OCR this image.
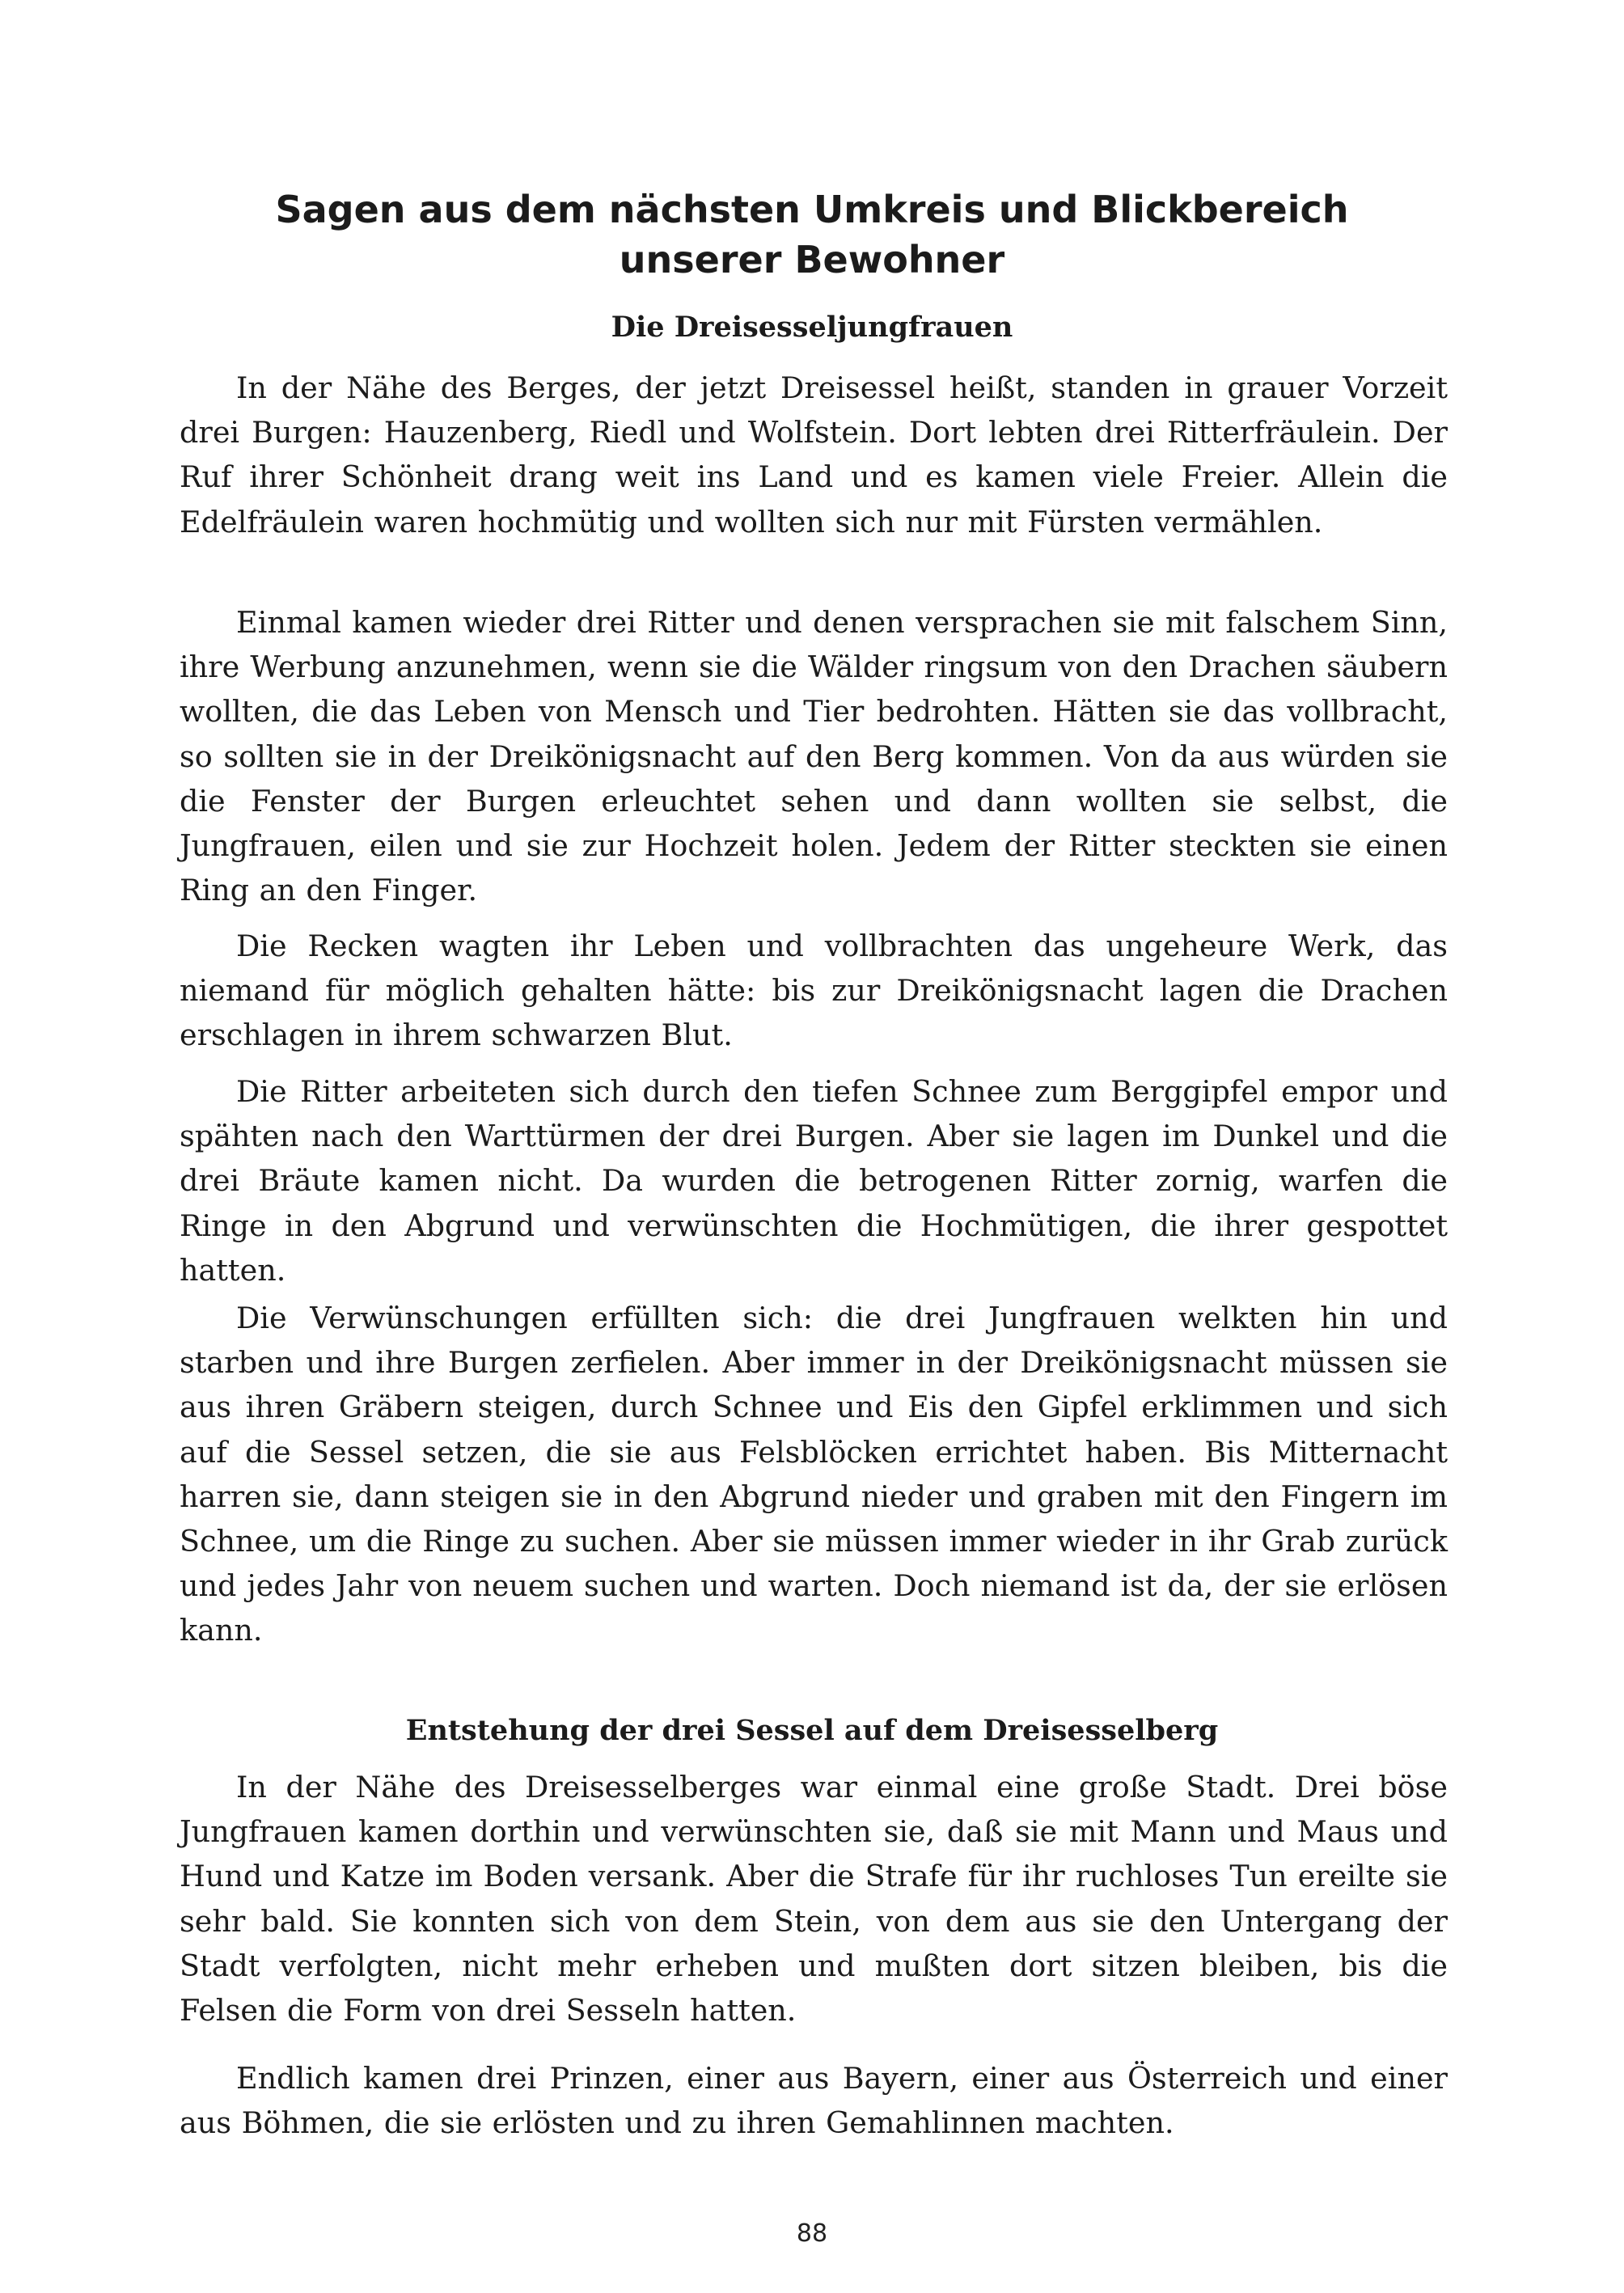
Sagen aus dem nächsten Umkreis und Blickbereich
unserer Bewohner
Die Dreisesseljungfrauen

In der Nähe des Berges, der jetzt Dreisessel heißt, standen in grauer Vorzeit drei Burgen: Hauzenberg, Riedl und Wolfstein. Dort lebten drei Ritterfräulein. Der Ruf ihrer Schönheit drang weit ins Land und es kamen viele Freier. Allein die Edelfräulein waren hochmütig und wollten sich nur mit Fürsten vermählen.

Einmal kamen wieder drei Ritter und denen versprachen sie mit falschem Sinn, ihre Werbung anzunehmen, wenn sie die Wälder ringsum von den Drachen säubern wollten, die das Leben von Mensch und Tier bedrohten. Hätten sie das vollbracht, so sollten sie in der Dreikönigsnacht auf den Berg kommen. Von da aus würden sie die Fenster der Burgen erleuchtet sehen und dann wollten sie selbst, die Jungfrauen, eilen und sie zur Hochzeit holen. Jedem der Ritter steckten sie einen Ring an den Finger.

Die Recken wagten ihr Leben und vollbrachten das ungeheure Werk, das niemand für möglich gehalten hätte: bis zur Dreikönigsnacht lagen die Drachen erschlagen in ihrem schwarzen Blut.

Die Ritter arbeiteten sich durch den tiefen Schnee zum Berggipfel empor und spähten nach den Warttürmen der drei Burgen. Aber sie lagen im Dunkel und die drei Bräute kamen nicht. Da wurden die betrogenen Ritter zornig, warfen die Ringe in den Abgrund und verwünschten die Hochmütigen, die ihrer gespottet hatten.

Die Verwünschungen erfüllten sich: die drei Jungfrauen welkten hin und starben und ihre Burgen zerfielen. Aber immer in der Dreikönigsnacht müssen sie aus ihren Gräbern steigen, durch Schnee und Eis den Gipfel erklimmen und sich auf die Sessel setzen, die sie aus Felsblöcken errichtet haben. Bis Mitternacht harren sie, dann steigen sie in den Abgrund nieder und graben mit den Fingern im Schnee, um die Ringe zu suchen. Aber sie müssen immer wieder in ihr Grab zurück und jedes Jahr von neuem suchen und warten. Doch niemand ist da, der sie erlösen kann.

Entstehung der drei Sessel auf dem Dreisesselberg

In der Nähe des Dreisesselberges war einmal eine große Stadt. Drei böse Jungfrauen kamen dorthin und verwünschten sie, daß sie mit Mann und Maus und Hund und Katze im Boden versank. Aber die Strafe für ihr ruchloses Tun ereilte sie sehr bald. Sie konnten sich von dem Stein, von dem aus sie den Untergang der Stadt verfolgten, nicht mehr erheben und mußten dort sitzen bleiben, bis die Felsen die Form von drei Sesseln hatten.

Endlich kamen drei Prinzen, einer aus Bayern, einer aus Österreich und einer aus Böhmen, die sie erlösten und zu ihren Gemahlinnen machten.

88
